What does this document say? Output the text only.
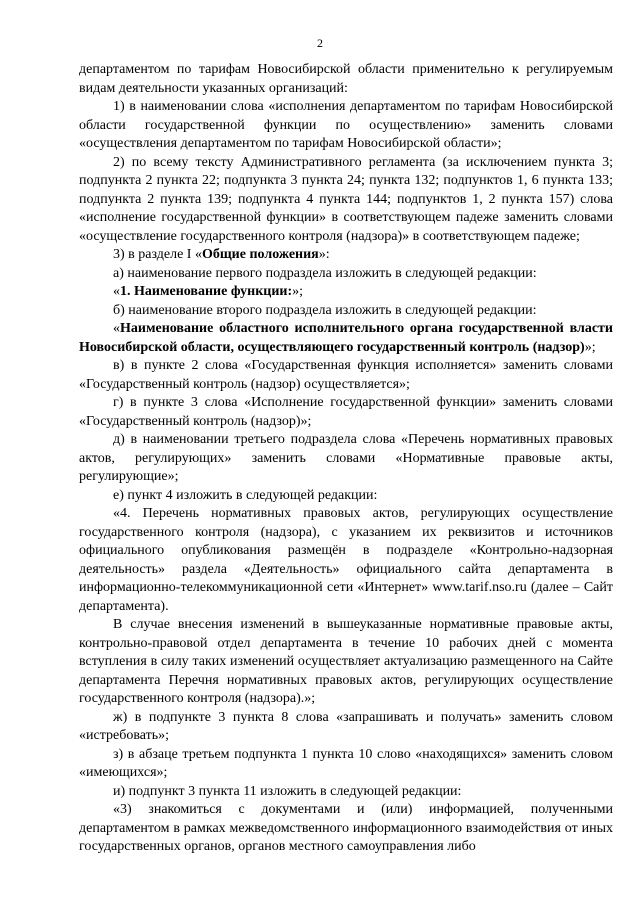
2

департаментом по тарифам Новосибирской области применительно к регулируемым видам деятельности указанных организаций:

1) в наименовании слова «исполнения департаментом по тарифам Новосибирской области государственной функции по осуществлению» заменить словами «осуществления департаментом по тарифам Новосибирской области»;

2) по всему тексту Административного регламента (за исключением пункта 3; подпункта 2 пункта 22; подпункта 3 пункта 24; пункта 132; подпунктов 1, 6 пункта 133; подпункта 2 пункта 139; подпункта 4 пункта 144; подпунктов 1, 2 пункта 157) слова «исполнение государственной функции» в соответствующем падеже заменить словами «осуществление государственного контроля (надзора)» в соответствующем падеже;

3) в разделе I «Общие положения»:

а) наименование первого подраздела изложить в следующей редакции:

«1. Наименование функции:»;

б) наименование второго подраздела изложить в следующей редакции:

«Наименование областного исполнительного органа государственной власти Новосибирской области, осуществляющего государственный контроль (надзор)»;

в) в пункте 2 слова «Государственная функция исполняется» заменить словами «Государственный контроль (надзор) осуществляется»;

г) в пункте 3 слова «Исполнение государственной функции» заменить словами «Государственный контроль (надзор)»;

д) в наименовании третьего подраздела слова «Перечень нормативных правовых актов, регулирующих» заменить словами «Нормативные правовые акты, регулирующие»;

е) пункт 4 изложить в следующей редакции:

«4. Перечень нормативных правовых актов, регулирующих осуществление государственного контроля (надзора), с указанием их реквизитов и источников официального опубликования размещён в подразделе «Контрольно-надзорная деятельность» раздела «Деятельность» официального сайта департамента в информационно-телекоммуникационной сети «Интернет» www.tarif.nso.ru (далее – Сайт департамента).

В случае внесения изменений в вышеуказанные нормативные правовые акты, контрольно-правовой отдел департамента в течение 10 рабочих дней с момента вступления в силу таких изменений осуществляет актуализацию размещенного на Сайте департамента Перечня нормативных правовых актов, регулирующих осуществление государственного контроля (надзора).»;

ж) в подпункте 3 пункта 8 слова «запрашивать и получать» заменить словом «истребовать»;

з) в абзаце третьем подпункта 1 пункта 10 слово «находящихся» заменить словом «имеющихся»;

и) подпункт 3 пункта 11 изложить в следующей редакции:

«3) знакомиться с документами и (или) информацией, полученными департаментом в рамках межведомственного информационного взаимодействия от иных государственных органов, органов местного самоуправления либо
